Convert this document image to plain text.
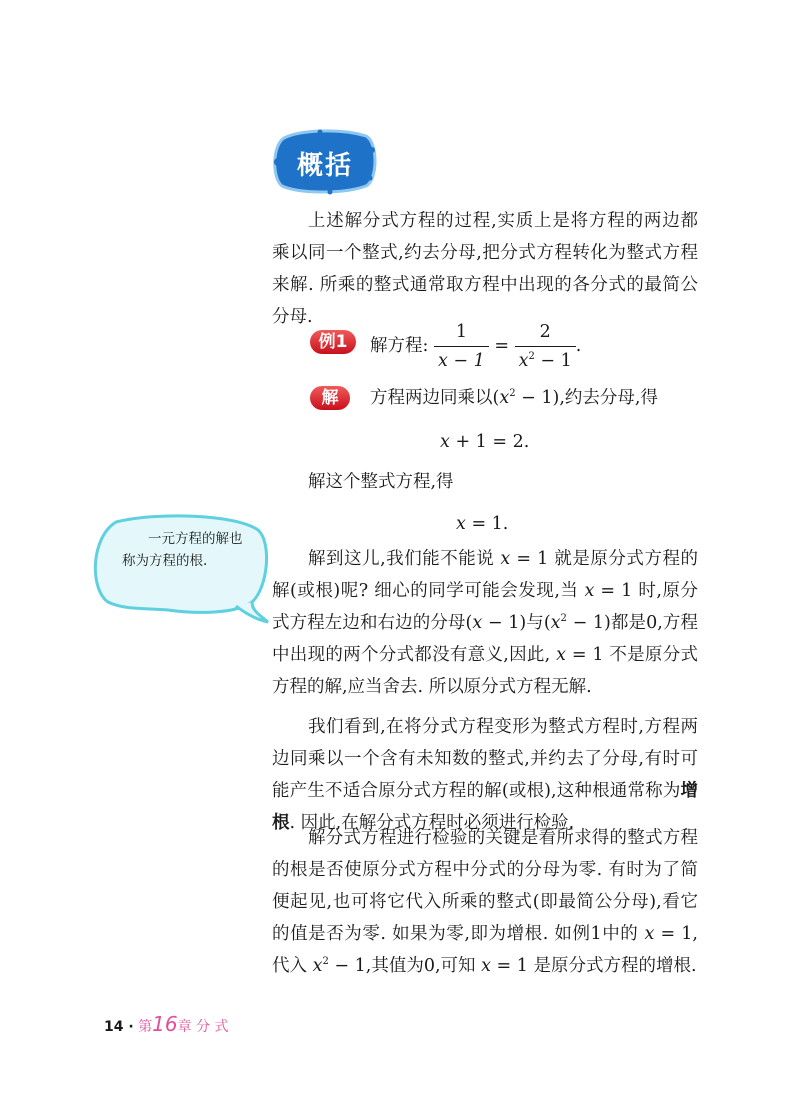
概括
上述解分式方程的过程,实质上是将方程的两边都乘以同一个整式,约去分母,把分式方程转化为整式方程来解. 所乘的整式通常取方程中出现的各分式的最简公分母.
例1	解方程: $\frac{1}{x - 1} = \frac{2}{x^2 - 1}$ .
解	方程两边同乘以$(x^2 - 1)$,约去分母,得
x + 1 = 2.
解这个整式方程,得
x = 1.
一元方程的解也称为方程的根.	解到这儿,我们能不能说 x = 1 就是原分式方程的解(或根)呢? 细心的同学可能会发现,当 x = 1 时,原分式方程左边和右边的分母(x − 1)与$(x^2 - 1)$都是0,方程中出现的两个分式都没有意义,因此, x = 1 不是原分式方程的解,应当舍去. 所以原分式方程无解.
我们看到,在将分式方程变形为整式方程时,方程两边同乘以一个含有未知数的整式,并约去了分母,有时可能产生不适合原分式方程的解(或根),这种根通常称为增根. 因此,在解分式方程时必须进行检验.
解分式方程进行检验的关键是看所求得的整式方程的根是否使原分式方程中分式的分母为零. 有时为了简便起见,也可将它代入所乘的整式(即最简公分母),看它的值是否为零. 如果为零,即为增根. 如例1中的 x = 1,代入 $x^2 - 1$,其值为0,可知 x = 1 是原分式方程的增根.
14 · 第16章 分 式
